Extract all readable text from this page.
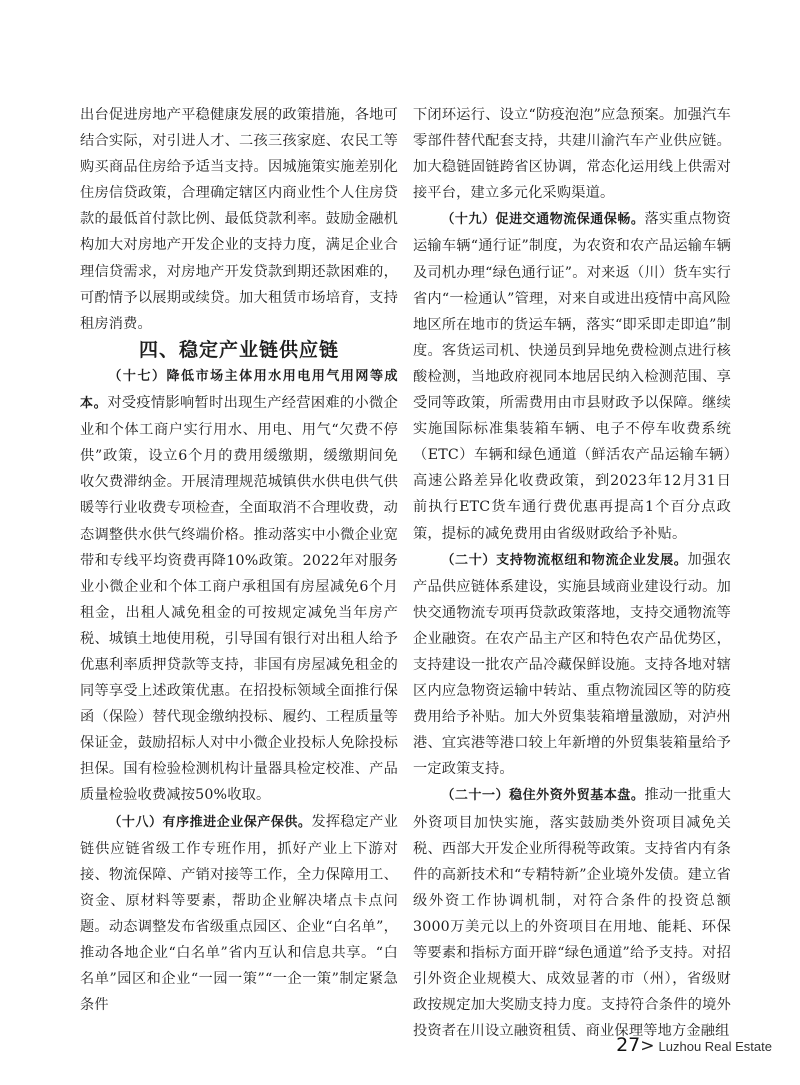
出台促进房地产平稳健康发展的政策措施，各地可结合实际，对引进人才、二孩三孩家庭、农民工等购买商品住房给予适当支持。因城施策实施差别化住房信贷政策，合理确定辖区内商业性个人住房贷款的最低首付款比例、最低贷款利率。鼓励金融机构加大对房地产开发企业的支持力度，满足企业合理信贷需求，对房地产开发贷款到期还款困难的，可酌情予以展期或续贷。加大租赁市场培育，支持租房消费。

四、稳定产业链供应链

（十七）降低市场主体用水用电用气用网等成本。对受疫情影响暂时出现生产经营困难的小微企业和个体工商户实行用水、用电、用气“欠费不停供”政策，设立6个月的费用缓缴期，缓缴期间免收欠费滞纳金。开展清理规范城镇供水供电供气供暖等行业收费专项检查，全面取消不合理收费，动态调整供水供气终端价格。推动落实中小微企业宽带和专线平均资费再降10%政策。2022年对服务业小微企业和个体工商户承租国有房屋减免6个月租金，出租人减免租金的可按规定减免当年房产税、城镇土地使用税，引导国有银行对出租人给予优惠利率质押贷款等支持，非国有房屋减免租金的同等享受上述政策优惠。在招投标领域全面推行保函（保险）替代现金缴纳投标、履约、工程质量等保证金，鼓励招标人对中小微企业投标人免除投标担保。国有检验检测机构计量器具检定校准、产品质量检验收费减按50%收取。

（十八）有序推进企业保产保供。发挥稳定产业链供应链省级工作专班作用，抓好产业上下游对接、物流保障、产销对接等工作，全力保障用工、资金、原材料等要素，帮助企业解决堵点卡点问题。动态调整发布省级重点园区、企业“白名单”，推动各地企业“白名单”省内互认和信息共享。“白名单”园区和企业“一园一策”“一企一策”制定紧急条件

下闭环运行、设立“防疫泡泡”应急预案。加强汽车零部件替代配套支持，共建川渝汽车产业供应链。加大稳链固链跨省区协调，常态化运用线上供需对接平台，建立多元化采购渠道。

（十九）促进交通物流保通保畅。落实重点物资运输车辆“通行证”制度，为农资和农产品运输车辆及司机办理“绿色通行证”。对来返（川）货车实行省内“一检通认”管理，对来自或进出疫情中高风险地区所在地市的货运车辆，落实“即采即走即追”制度。客货运司机、快递员到异地免费检测点进行核酸检测，当地政府视同本地居民纳入检测范围、享受同等政策，所需费用由市县财政予以保障。继续实施国际标准集装箱车辆、电子不停车收费系统（ETC）车辆和绿色通道（鲜活农产品运输车辆）高速公路差异化收费政策，到2023年12月31日前执行ETC货车通行费优惠再提高1个百分点政策，提标的减免费用由省级财政给予补贴。

（二十）支持物流枢纽和物流企业发展。加强农产品供应链体系建设，实施县域商业建设行动。加快交通物流专项再贷款政策落地，支持交通物流等企业融资。在农产品主产区和特色农产品优势区，支持建设一批农产品冷藏保鲜设施。支持各地对辖区内应急物资运输中转站、重点物流园区等的防疫费用给予补贴。加大外贸集装箱增量激励，对泸州港、宜宾港等港口较上年新增的外贸集装箱量给予一定政策支持。

（二十一）稳住外资外贸基本盘。推动一批重大外资项目加快实施，落实鼓励类外资项目减免关税、西部大开发企业所得税等政策。支持省内有条件的高新技术和“专精特新”企业境外发债。建立省级外资工作协调机制，对符合条件的投资总额3000万美元以上的外资项目在用地、能耗、环保等要素和指标方面开辟“绿色通道”给予支持。对招引外资企业规模大、成效显著的市（州），省级财政按规定加大奖励支持力度。支持符合条件的境外投资者在川设立融资租赁、商业保理等地方金融组

27 > Luzhou Real Estate
